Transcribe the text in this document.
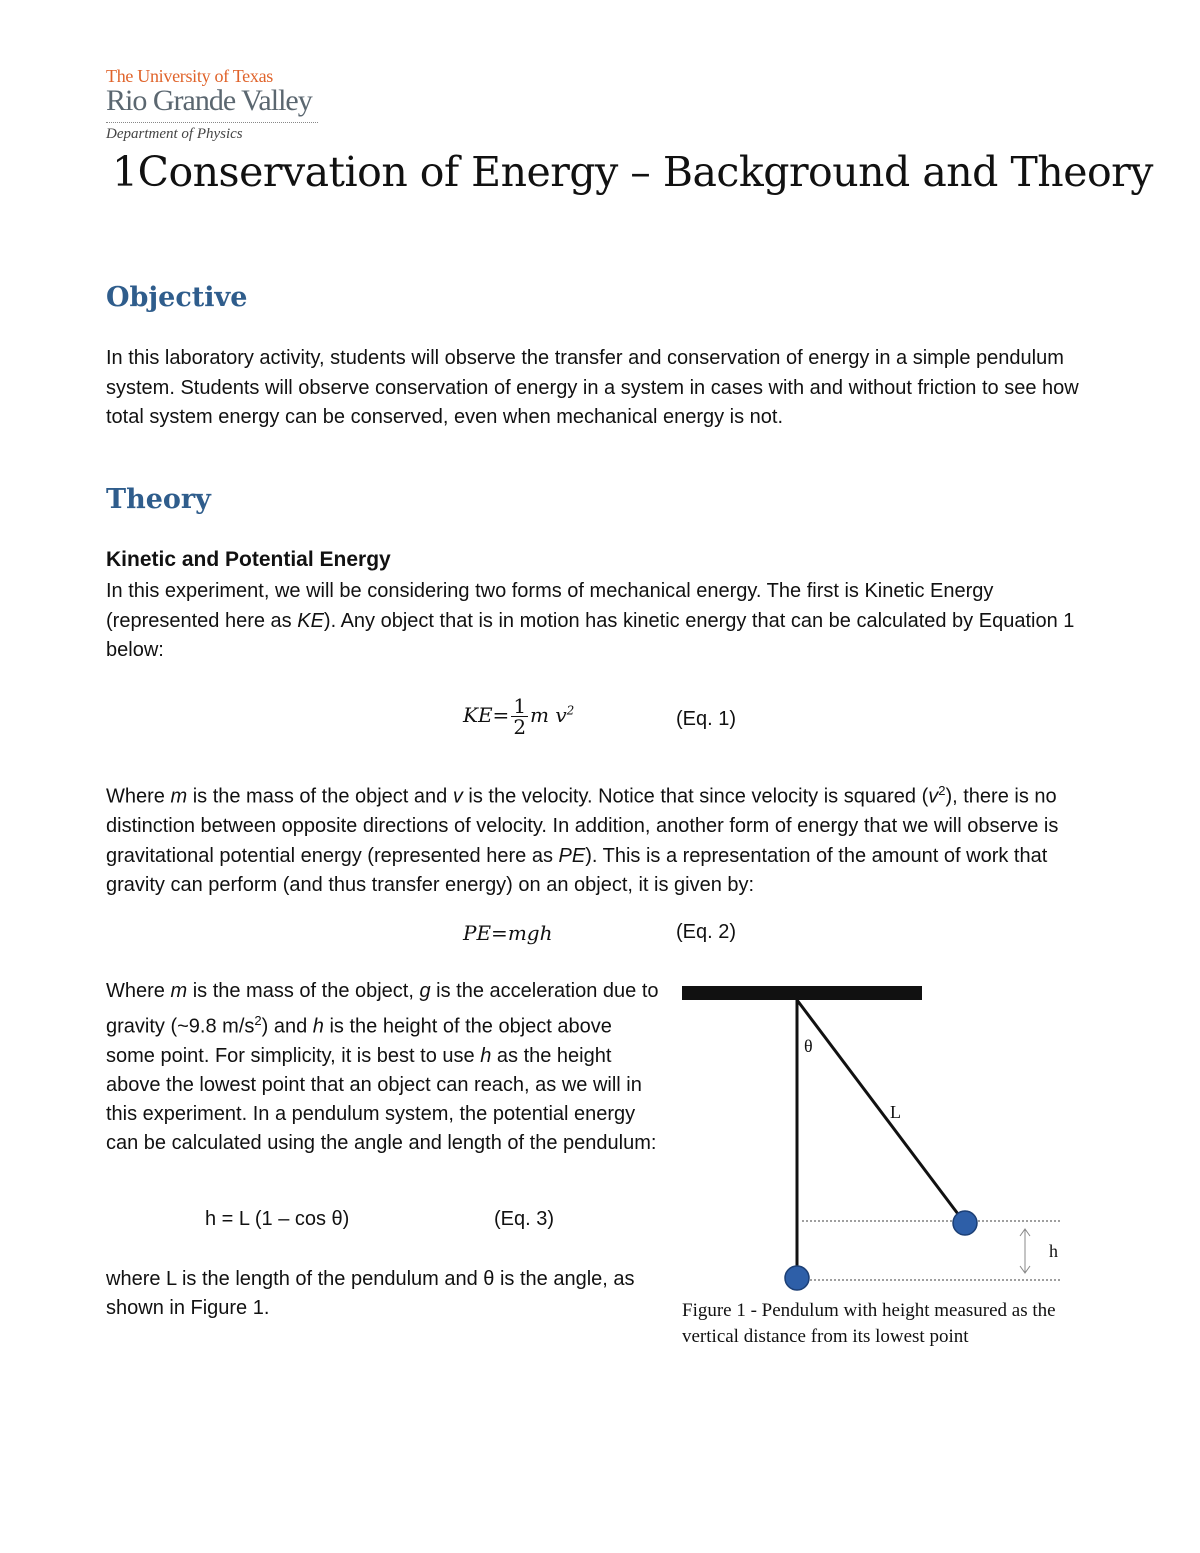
The University of Texas
Rio Grande Valley
Department of Physics
1Conservation of Energy – Background and Theory
Objective
In this laboratory activity, students will observe the transfer and conservation of energy in a simple pendulum system. Students will observe conservation of energy in a system in cases with and without friction to see how total system energy can be conserved, even when mechanical energy is not.
Theory
Kinetic and Potential Energy
In this experiment, we will be considering two forms of mechanical energy. The first is Kinetic Energy (represented here as KE). Any object that is in motion has kinetic energy that can be calculated by Equation 1 below:
$KE= \frac{1}{2}$ m $v^2$	(Eq. 1)
Where m is the mass of the object and v is the velocity. Notice that since velocity is squared $(v^2)$, there is no distinction between opposite directions of velocity. In addition, another form of energy that we will observe is gravitational potential energy (represented here as PE). This is a representation of the amount of work that gravity can perform (and thus transfer energy) on an object, it is given by:
PE=mgh	(Eq. 2)
Where m is the mass of the object, g is the acceleration due to gravity (~9.8 $m/s^2$) and h is the height of the object above some point. For simplicity, it is best to use h as the height above the lowest point that an object can reach, as we will in this experiment. In a pendulum system, the potential energy can be calculated using the angle and length of the pendulum:
h = L (1 – cos θ)	(Eq. 3)
where L is the length of the pendulum and θ is the angle, as shown in Figure 1.
θ
L
h
Figure 1 - Pendulum with height measured as the vertical distance from its lowest point
